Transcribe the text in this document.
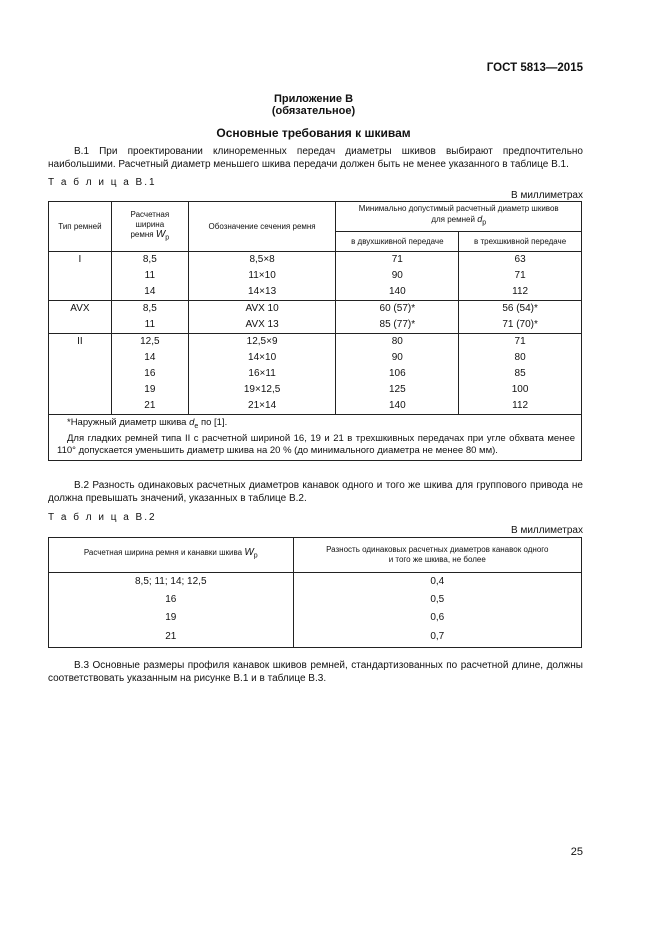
ГОСТ 5813—2015
Приложение В
(обязательное)
Основные требования к шкивам
В.1 При проектировании клиноременных передач диаметры шкивов выбирают предпочтительно наибольшими. Расчетный диаметр меньшего шкива передачи должен быть не менее указанного в таблице В.1.
Т а б л и ц а В.1
В миллиметрах
Тип ремней	Расчетная
ширина
ремня $W_р$	Обозначение сечения ремня	Минимально допустимый расчетный диаметр шкивов
для ремней $d_p$
			в двухшкивной передаче	в трехшкивной передаче
I	8,5	8,5×8	71	63
	11	11×10	90	71
	14	14×13	140	112
AVX	8,5	AVX 10	60 (57)*	56 (54)*
	11	AVX 13	85 (77)*	71 (70)*
II	12,5	12,5×9	80	71
	14	14×10	90	80
	16	16×11	106	85
	19	19×12,5	125	100
	21	21×14	140	112

*Наружный диаметр шкива $d_e$ по [1].

Для гладких ремней типа II с расчетной шириной 16, 19 и 21 в трехшкивных передачах при угле обхвата менее 110° допускается уменьшить диаметр шкива на 20 % (до минимального диаметра не менее 80 мм).				

В.2 Разность одинаковых расчетных диаметров канавок одного и того же шкива для группового привода не должна превышать значений, указанных в таблице В.2.
Т а б л и ц а В.2
В миллиметрах
Расчетная ширина ремня и канавки шкива $W_р$	Разность одинаковых расчетных диаметров канавок одного
и того же шкива, не более
8,5; 11; 14; 12,5	0,4
16	0,5
19	0,6
21	0,7
В.3 Основные размеры профиля канавок шкивов ремней, стандартизованных по расчетной длине, должны соответствовать указанным на рисунке В.1 и в таблице В.3.
25
